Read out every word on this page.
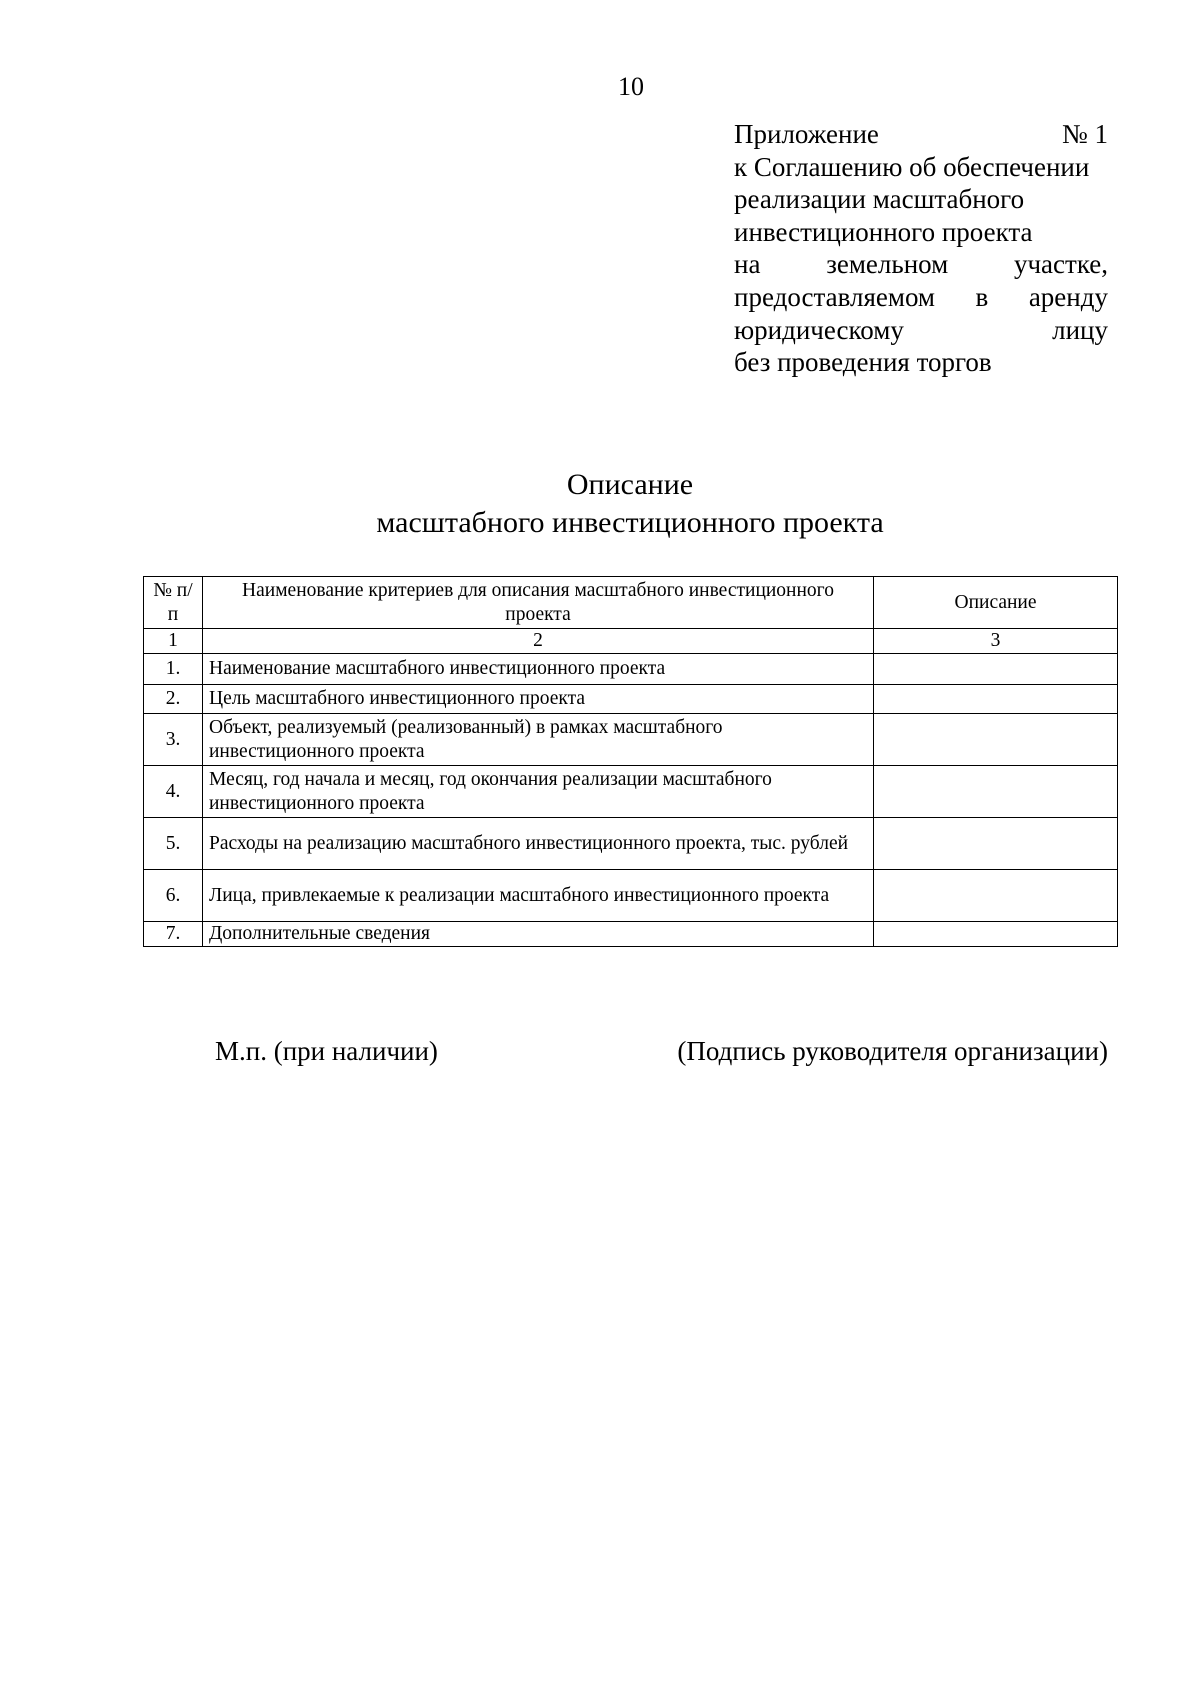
10
Приложение	№ 1
к Соглашению об обеспечении
реализации масштабного
инвестиционного проекта
на земельном участке,
предоставляемом в аренду
юридическому	лицу
без проведения торгов
Описание
масштабного инвестиционного проекта
№ п/п	Наименование критериев для описания масштабного инвестиционного проекта	Описание
1	2	3
1.	Наименование масштабного инвестиционного проекта	
2.	Цель масштабного инвестиционного проекта	
3.	Объект, реализуемый (реализованный) в рамках масштабного инвестиционного проекта	
4.	Месяц, год начала и месяц, год окончания реализации масштабного инвестиционного проекта	
5.	Расходы на реализацию масштабного инвестиционного проекта, тыс. рублей	
6.	Лица, привлекаемые к реализации масштабного инвестиционного проекта	
7.	Дополнительные сведения	
М.п. (при наличии)	(Подпись руководителя организации)
